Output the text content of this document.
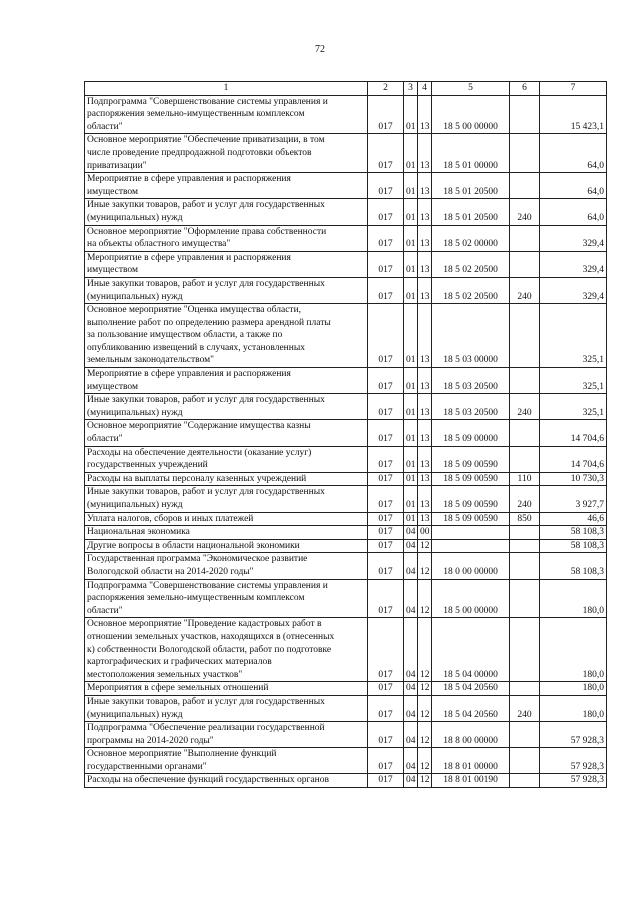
72
1	2	3	4	5	6	7
Подпрограмма "Совершенствование системы управления и
распоряжения земельно-имущественным комплексом
области"	017	01	13	18 5 00 00000		15 423,1
Основное мероприятие "Обеспечение приватизации, в том
числе проведение предпродажной подготовки объектов
приватизации"	017	01	13	18 5 01 00000		64,0
Мероприятие в сфере управления и распоряжения
имуществом	017	01	13	18 5 01 20500		64,0
Иные закупки товаров, работ и услуг для государственных
(муниципальных) нужд	017	01	13	18 5 01 20500	240	64,0
Основное мероприятие "Оформление права собственности
на объекты областного имущества"	017	01	13	18 5 02 00000		329,4
Мероприятие в сфере управления и распоряжения
имуществом	017	01	13	18 5 02 20500		329,4
Иные закупки товаров, работ и услуг для государственных
(муниципальных) нужд	017	01	13	18 5 02 20500	240	329,4
Основное мероприятие "Оценка имущества области,
выполнение работ по определению размера арендной платы
за пользование имуществом области, а также по
опубликованию извещений в случаях, установленных
земельным законодательством"	017	01	13	18 5 03 00000		325,1
Мероприятие в сфере управления и распоряжения
имуществом	017	01	13	18 5 03 20500		325,1
Иные закупки товаров, работ и услуг для государственных
(муниципальных) нужд	017	01	13	18 5 03 20500	240	325,1
Основное мероприятие "Содержание имущества казны
области"	017	01	13	18 5 09 00000		14 704,6
Расходы на обеспечение деятельности (оказание услуг)
государственных учреждений	017	01	13	18 5 09 00590		14 704,6
Расходы на выплаты персоналу казенных учреждений	017	01	13	18 5 09 00590	110	10 730,3
Иные закупки товаров, работ и услуг для государственных
(муниципальных) нужд	017	01	13	18 5 09 00590	240	3 927,7
Уплата налогов, сборов и иных платежей	017	01	13	18 5 09 00590	850	46,6
Национальная экономика	017	04	00			58 108,3
Другие вопросы в области национальной экономики	017	04	12			58 108,3
Государственная программа "Экономическое развитие
Вологодской области на 2014-2020 годы"	017	04	12	18 0 00 00000		58 108,3
Подпрограмма "Совершенствование системы управления и
распоряжения земельно-имущественным комплексом
области"	017	04	12	18 5 00 00000		180,0
Основное мероприятие "Проведение кадастровых работ в
отношении земельных участков, находящихся в (отнесенных
к) собственности Вологодской области, работ по подготовке
картографических и графических материалов
местоположения земельных участков"	017	04	12	18 5 04 00000		180,0
Мероприятия в сфере земельных отношений	017	04	12	18 5 04 20560		180,0
Иные закупки товаров, работ и услуг для государственных
(муниципальных) нужд	017	04	12	18 5 04 20560	240	180,0
Подпрограмма "Обеспечение реализации государственной
программы на 2014-2020 годы"	017	04	12	18 8 00 00000		57 928,3
Основное мероприятие "Выполнение функций
государственными органами"	017	04	12	18 8 01 00000		57 928,3
Расходы на обеспечение функций государственных органов	017	04	12	18 8 01 00190		57 928,3
